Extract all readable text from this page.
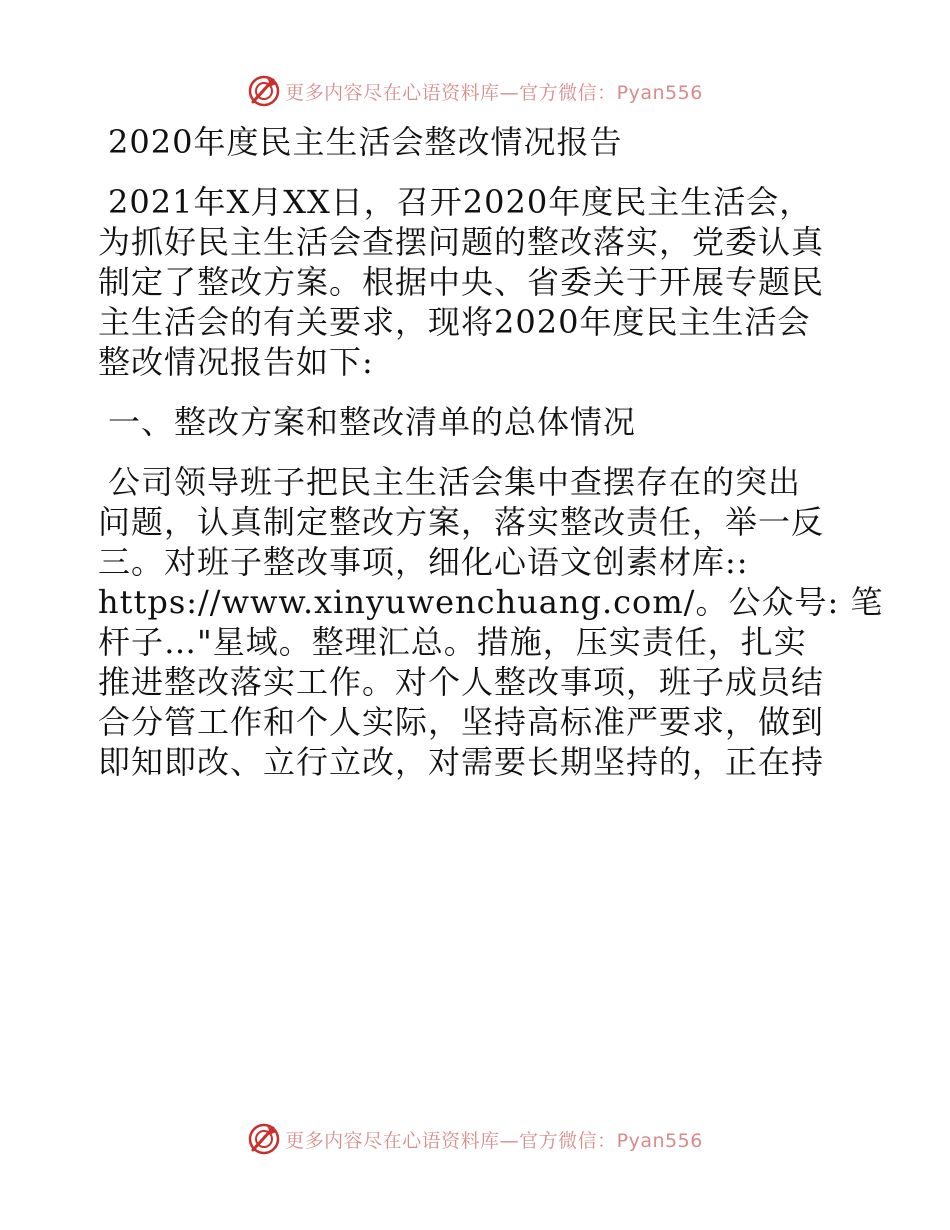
更多内容尽在心语资料库—官方微信：Pyan556
2020年度民主生活会整改情况报告
2021年X月XX日，召开2020年度民主生活会，
为抓好民主生活会查摆问题的整改落实，党委认真
制定了整改方案。根据中央、省委关于开展专题民
主生活会的有关要求，现将2020年度民主生活会
整改情况报告如下:
一、整改方案和整改清单的总体情况
公司领导班子把民主生活会集中查摆存在的突出
问题，认真制定整改方案，落实整改责任，举一反
三。对班子整改事项，细化心语文创素材库::
https://www.xinyuwenchuang.com/。公众号: 笔
杆子…"星域。整理汇总。措施，压实责任，扎实
推进整改落实工作。对个人整改事项，班子成员结
合分管工作和个人实际，坚持高标准严要求，做到
即知即改、立行立改，对需要长期坚持的，正在持
更多内容尽在心语资料库—官方微信：Pyan556
